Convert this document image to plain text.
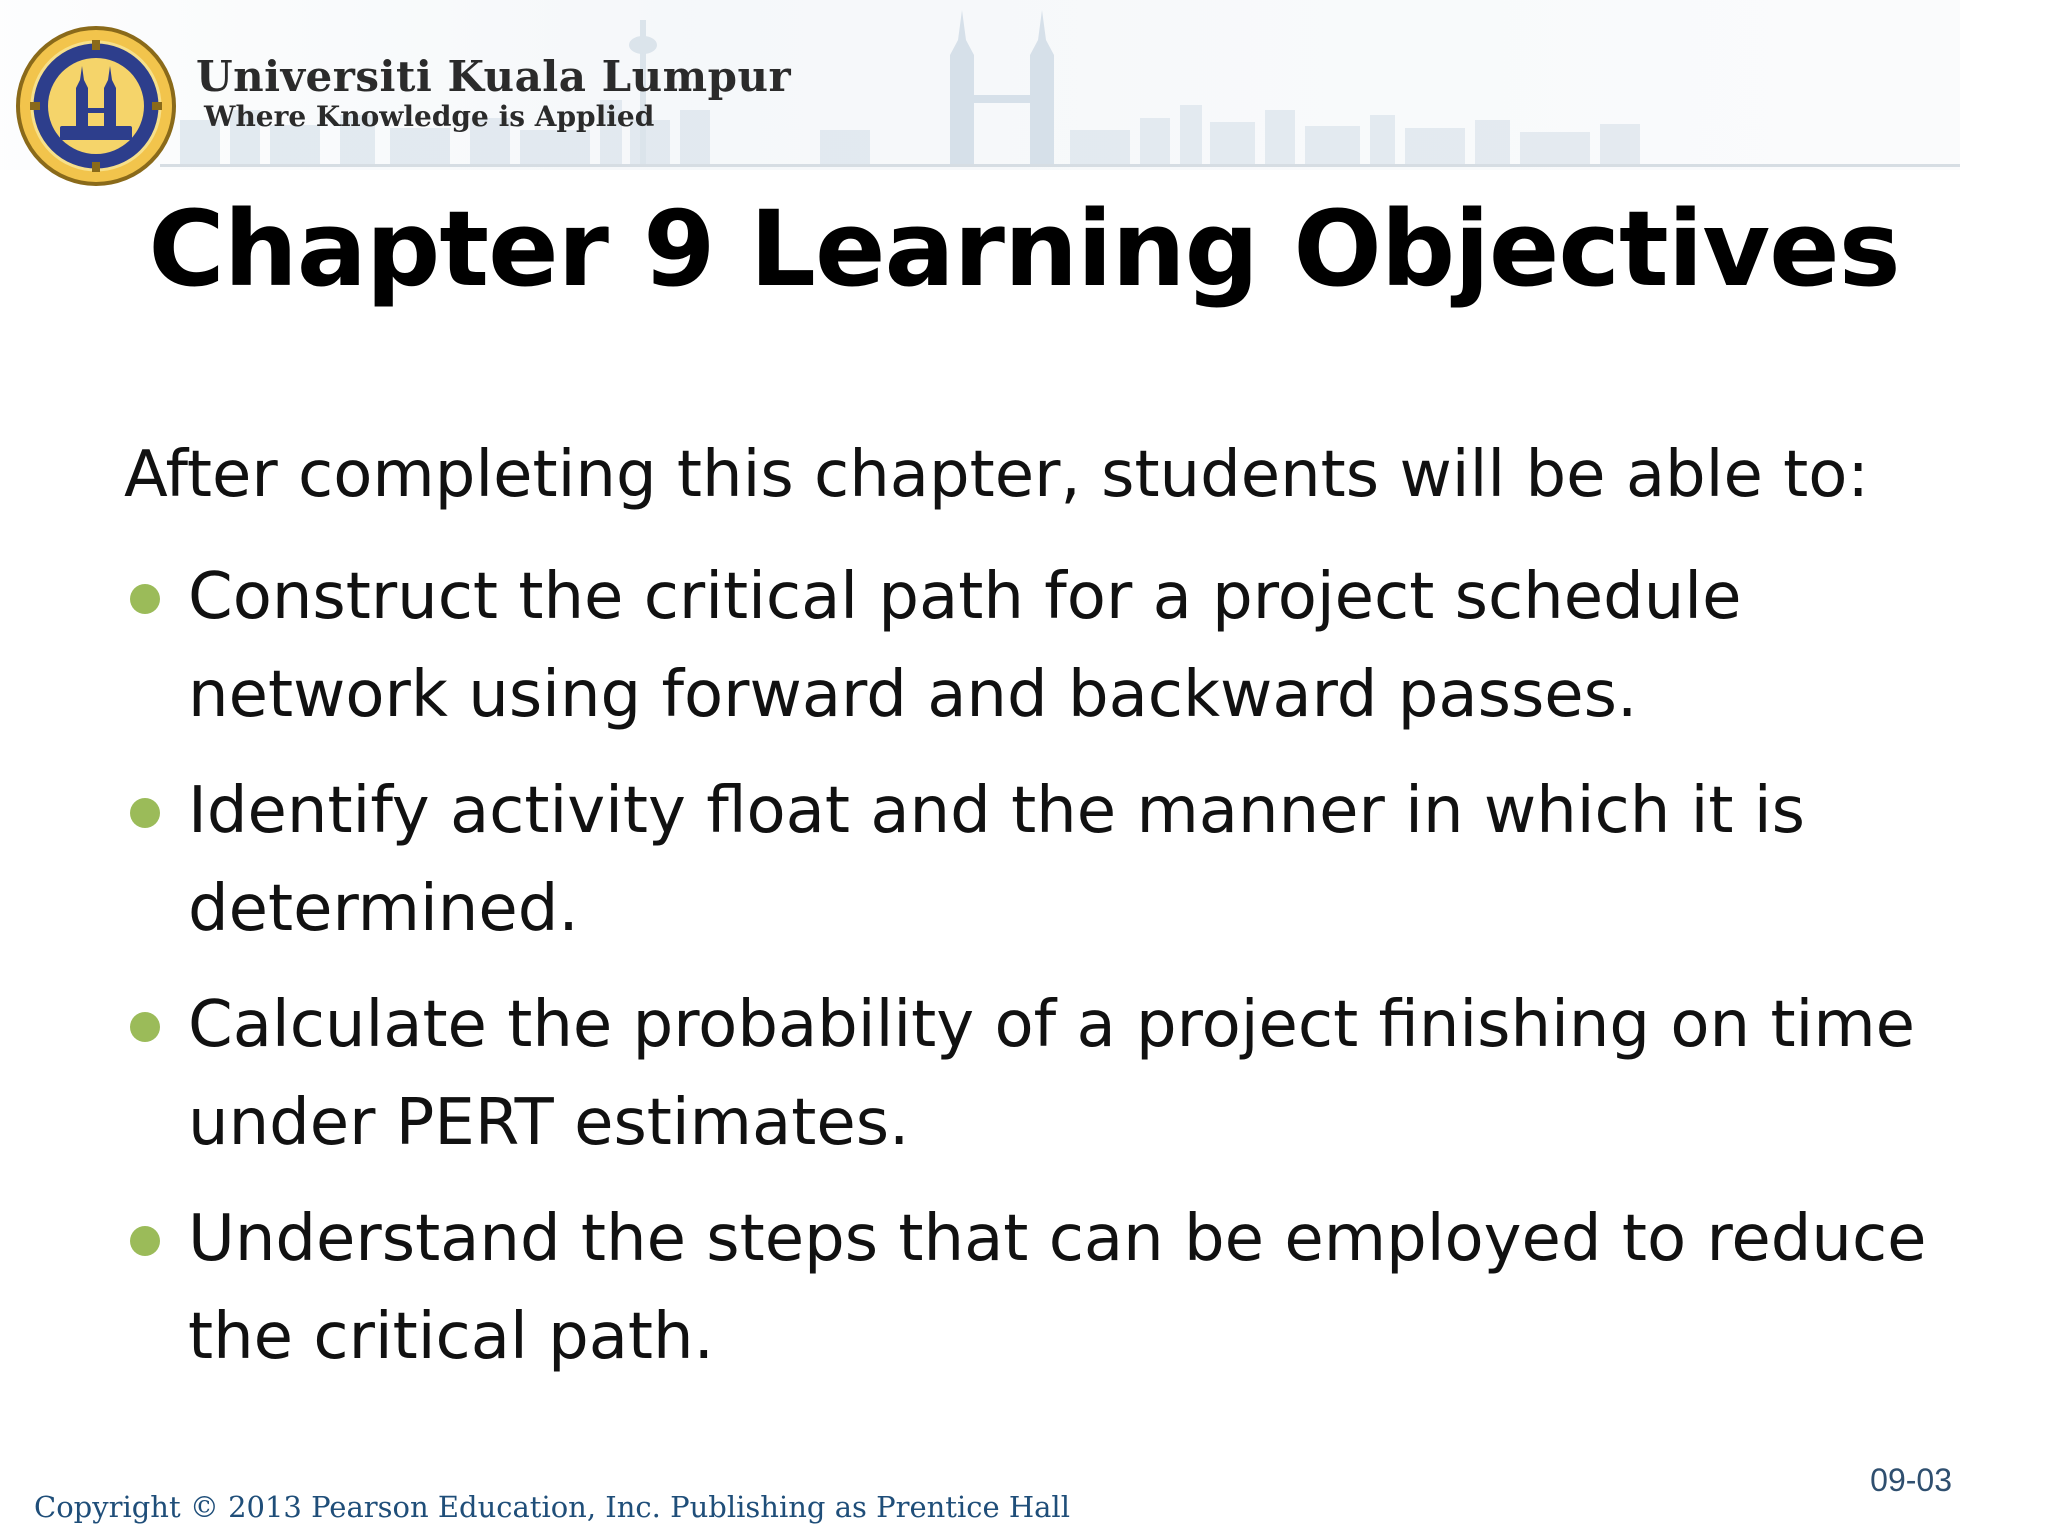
Universiti Kuala Lumpur
Where Knowledge is Applied
Chapter 9 Learning Objectives
After completing this chapter, students will be able to:
Construct the critical path for a project schedule
network using forward and backward passes.
Identify activity float and the manner in which it is
determined.
Calculate the probability of a project finishing on time
under PERT estimates.
Understand the steps that can be employed to reduce
the critical path.
09-03
Copyright © 2013 Pearson Education, Inc. Publishing as Prentice Hall
